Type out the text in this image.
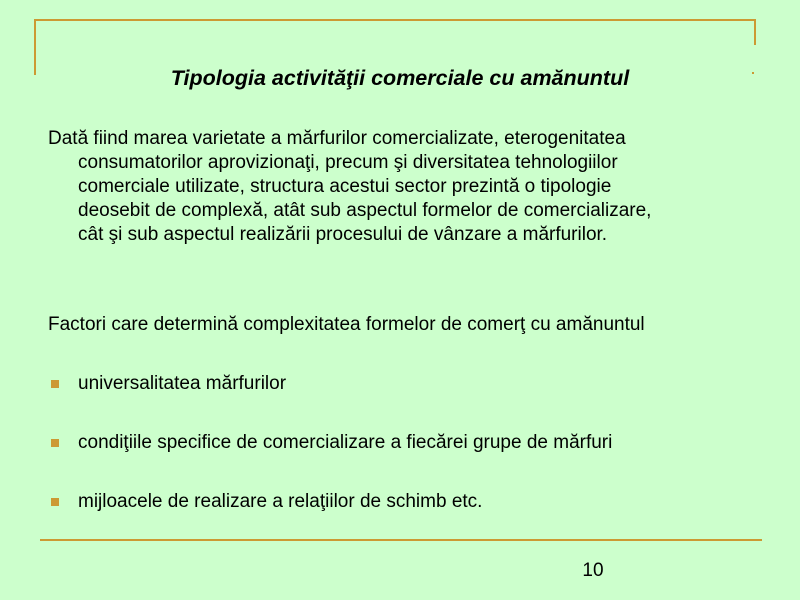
Tipologia activităţii comerciale cu amănuntul
Dată fiind marea varietate a mărfurilor comercializate, eterogenitatea
consumatorilor aprovizionaţi, precum şi diversitatea tehnologiilor
comerciale utilizate, structura acestui sector prezintă o tipologie
deosebit de complexă, atât sub aspectul formelor de comercializare,
cât şi sub aspectul realizării procesului de vânzare a mărfurilor.
Factori care determină complexitatea formelor de comerţ cu amănuntul
universalitatea mărfurilor
condiţiile specifice de comercializare a fiecărei grupe de mărfuri
mijloacele de realizare a relaţiilor de schimb etc.
10
